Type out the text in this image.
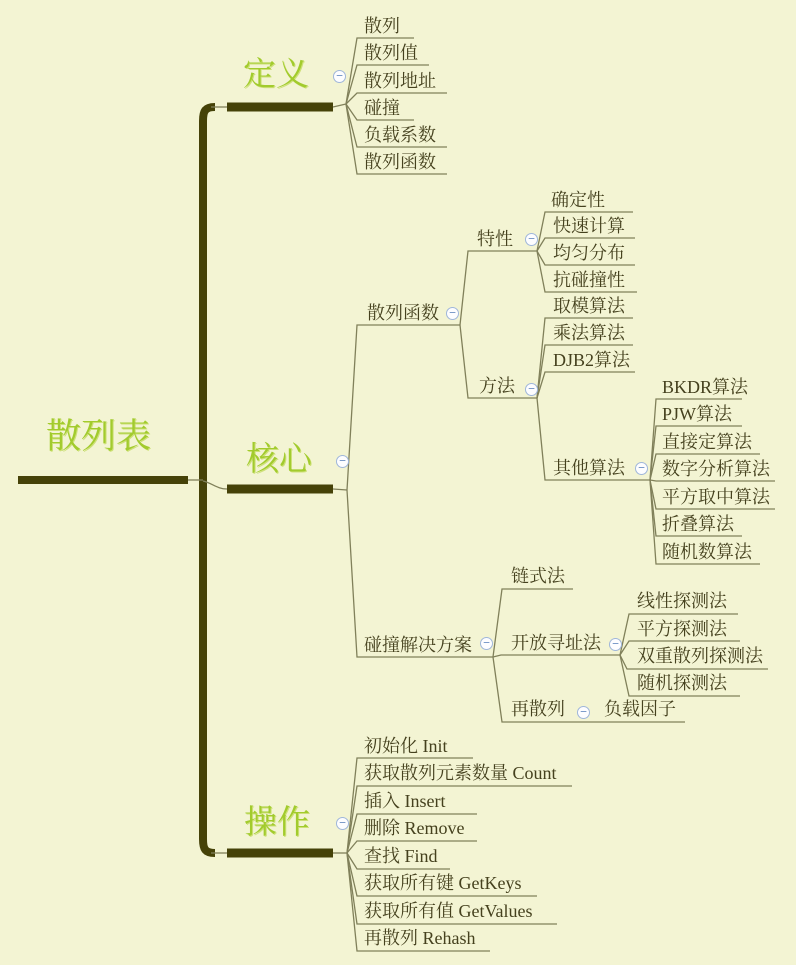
散列表
定义
核心
操作
散列
散列值
散列地址
碰撞
负载系数
散列函数
散列函数
特性
确定性
快速计算
均匀分布
抗碰撞性
方法
取模算法
乘法算法
DJB2算法
其他算法
BKDR算法
PJW算法
直接定算法
数字分析算法
平方取中算法
折叠算法
随机数算法
碰撞解决方案
链式法
开放寻址法
线性探测法
平方探测法
双重散列探测法
随机探测法
再散列 负载因子
初始化 Init
获取散列元素数量 Count
插入 Insert
删除 Remove
查找 Find
获取所有键 GetKeys
获取所有值 GetValues
再散列 Rehash
−
−
−
−
−
−
−
−	−
−
